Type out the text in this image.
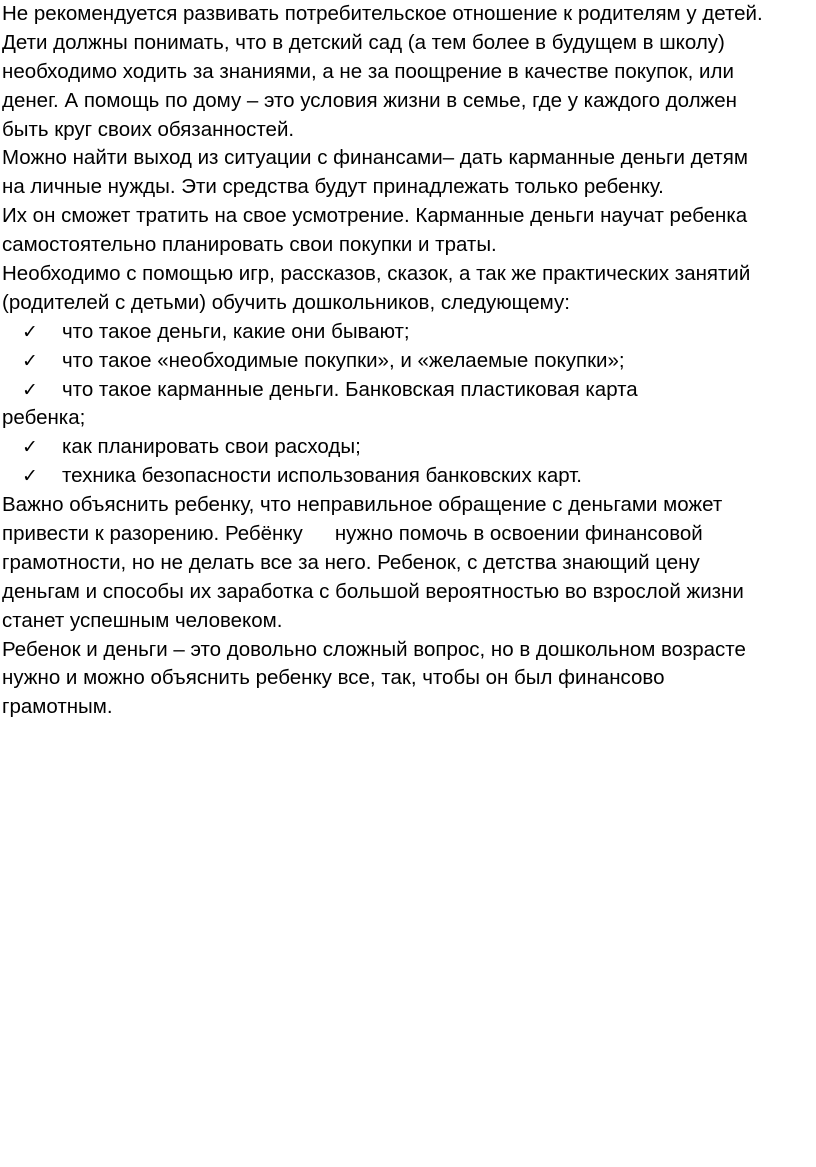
Не рекомендуется развивать потребительское отношение к родителям у детей.
Дети должны понимать, что в детский сад (а тем более в будущем в школу)
необходимо ходить за знаниями, а не за поощрение в качестве покупок, или
денег. А помощь по дому – это условия жизни в семье, где у каждого должен
быть круг своих обязанностей.
Можно найти выход из ситуации с финансами– дать карманные деньги детям
на личные нужды. Эти средства будут принадлежать только ребенку.
Их он сможет тратить на свое усмотрение. Карманные деньги научат ребенка
самостоятельно планировать свои покупки и траты.
Необходимо с помощью игр, рассказов, сказок, а так же практических занятий
(родителей с детьми) обучить дошкольников, следующему:
✓ что такое деньги, какие они бывают;
✓ что такое «необходимые покупки», и «желаемые покупки»;
✓ что такое карманные деньги. Банковская пластиковая карта
ребенка;
✓ как планировать свои расходы;
✓ техника безопасности использования банковских карт.
Важно объяснить ребенку, что неправильное обращение с деньгами может
привести к разорению. Ребёнку нужно помочь в освоении финансовой
грамотности, но не делать все за него. Ребенок, с детства знающий цену
деньгам и способы их заработка с большой вероятностью во взрослой жизни
станет успешным человеком.
Ребенок и деньги – это довольно сложный вопрос, но в дошкольном возрасте
нужно и можно объяснить ребенку все, так, чтобы он был финансово
грамотным.
